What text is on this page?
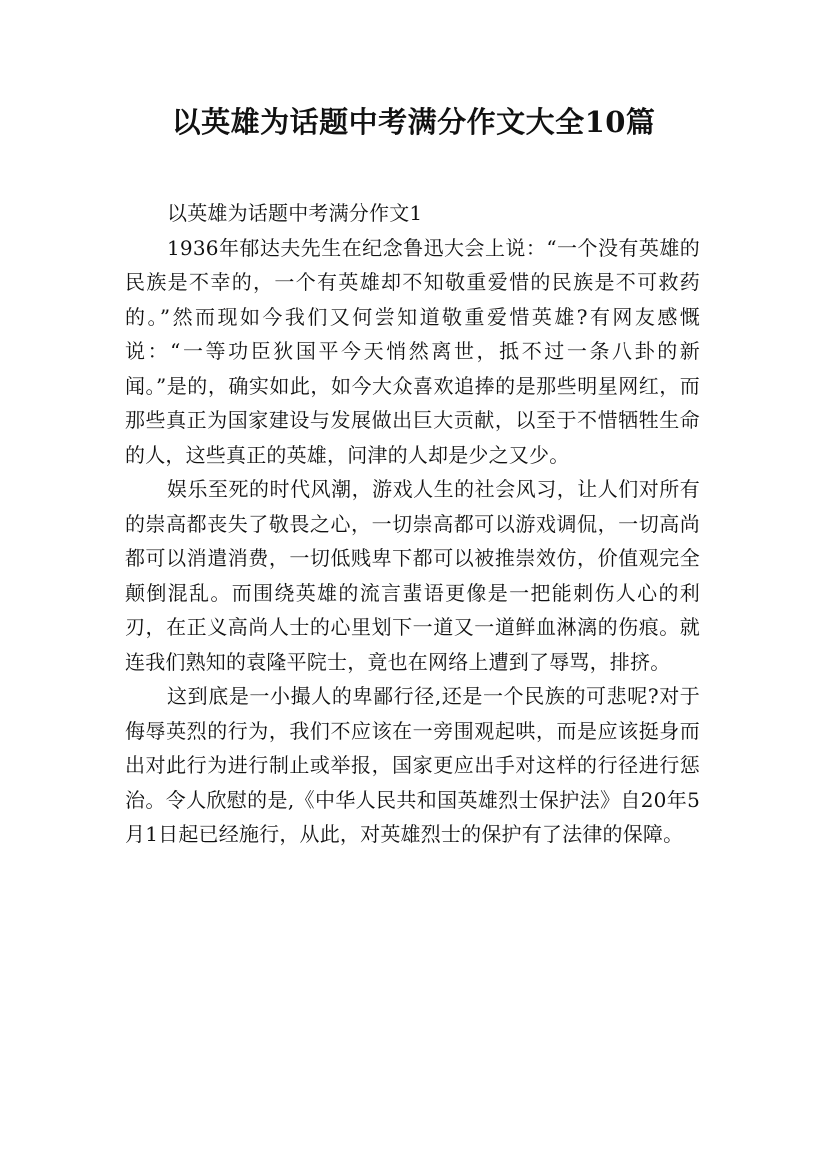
以英雄为话题中考满分作文大全10篇

以英雄为话题中考满分作文1

1936年郁达夫先生在纪念鲁迅大会上说：“一个没有英雄的民族是不幸的，一个有英雄却不知敬重爱惜的民族是不可救药的。”然而现如今我们又何尝知道敬重爱惜英雄?有网友感慨说：“一等功臣狄国平今天悄然离世，抵不过一条八卦的新闻。”是的，确实如此，如今大众喜欢追捧的是那些明星网红，而那些真正为国家建设与发展做出巨大贡献，以至于不惜牺牲生命的人，这些真正的英雄，问津的人却是少之又少。

娱乐至死的时代风潮，游戏人生的社会风习，让人们对所有的崇高都丧失了敬畏之心，一切崇高都可以游戏调侃，一切高尚都可以消遣消费，一切低贱卑下都可以被推崇效仿，价值观完全颠倒混乱。而围绕英雄的流言蜚语更像是一把能刺伤人心的利刃，在正义高尚人士的心里划下一道又一道鲜血淋漓的伤痕。就连我们熟知的袁隆平院士，竟也在网络上遭到了辱骂，排挤。

这到底是一小撮人的卑鄙行径,还是一个民族的可悲呢?对于侮辱英烈的行为，我们不应该在一旁围观起哄，而是应该挺身而出对此行为进行制止或举报，国家更应出手对这样的行径进行惩治。令人欣慰的是,《中华人民共和国英雄烈士保护法》自20年5月1日起已经施行，从此，对英雄烈士的保护有了法律的保障。
